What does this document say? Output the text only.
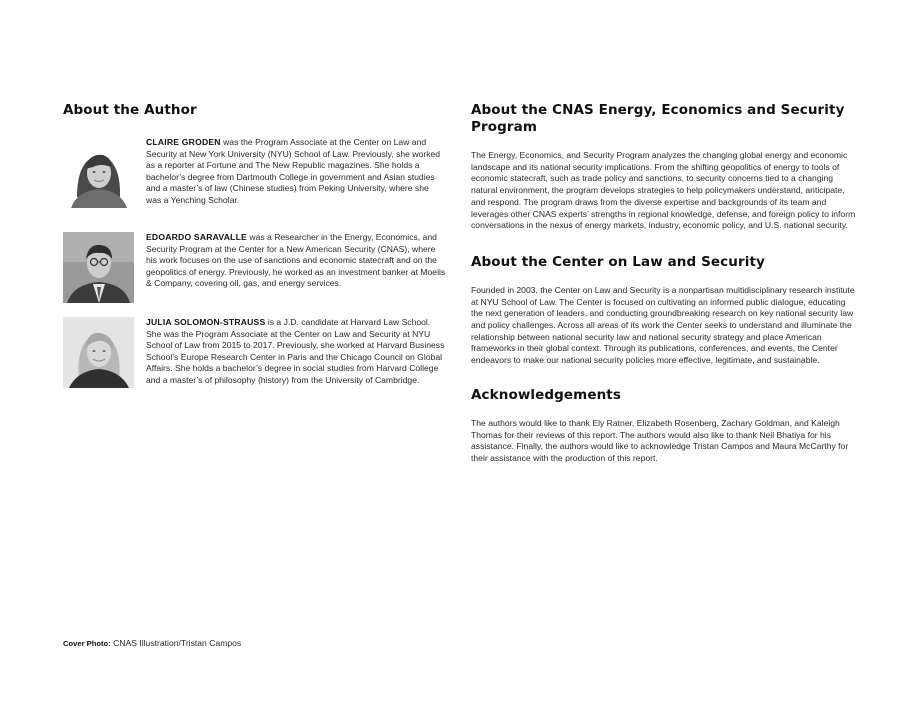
About the Author
CLAIRE GRODEN was the Program Associate at the Center on Law and Security at New York University (NYU) School of Law. Previously, she worked as a reporter at Fortune and The New Republic magazines. She holds a bachelor’s degree from Dartmouth College in government and Asian studies and a master’s of law (Chinese studies) from Peking University, where she was a Yenching Scholar.
EDOARDO SARAVALLE was a Researcher in the Energy, Economics, and Security Program at the Center for a New American Security (CNAS), where his work focuses on the use of sanctions and economic statecraft and on the geopolitics of energy. Previously, he worked as an investment banker at Moelis & Company, covering oil, gas, and energy services.
JULIA SOLOMON-STRAUSS is a J.D. candidate at Harvard Law School. She was the Program Associate at the Center on Law and Security at NYU School of Law from 2015 to 2017. Previously, she worked at Harvard Business School’s Europe Research Center in Paris and the Chicago Council on Global Affairs. She holds a bachelor’s degree in social studies from Harvard College and a master’s of philosophy (history) from the University of Cambridge.
About the CNAS Energy, Economics and Security Program

The Energy, Economics, and Security Program analyzes the changing global energy and economic landscape and its national security implications. From the shifting geopolitics of energy to tools of economic statecraft, such as trade policy and sanctions, to security concerns tied to a changing natural environment, the program develops strategies to help policymakers understand, anticipate, and respond. The program draws from the diverse expertise and backgrounds of its team and leverages other CNAS experts’ strengths in regional knowledge, defense, and foreign policy to inform conversations in the nexus of energy markets, industry, economic policy, and U.S. national security.

About the Center on Law and Security

Founded in 2003, the Center on Law and Security is a nonpartisan multidisciplinary research institute at NYU School of Law. The Center is focused on cultivating an informed public dialogue, educating the next generation of leaders, and conducting groundbreaking research on key national security law and policy challenges. Across all areas of its work the Center seeks to understand and illuminate the relationship between national security law and national security strategy and place American frameworks in their global context. Through its publications, conferences, and events, the Center endeavors to make our national security policies more effective, legitimate, and sustainable.

Acknowledgements

The authors would like to thank Ely Ratner, Elizabeth Rosenberg, Zachary Goldman, and Kaleigh Thomas for their reviews of this report. The authors would also like to thank Neil Bhatiya for his assistance. Finally, the authors would like to acknowledge Tristan Campos and Maura McCarthy for their assistance with the production of this report.

Cover Photo: CNAS Illustration/Tristan Campos
